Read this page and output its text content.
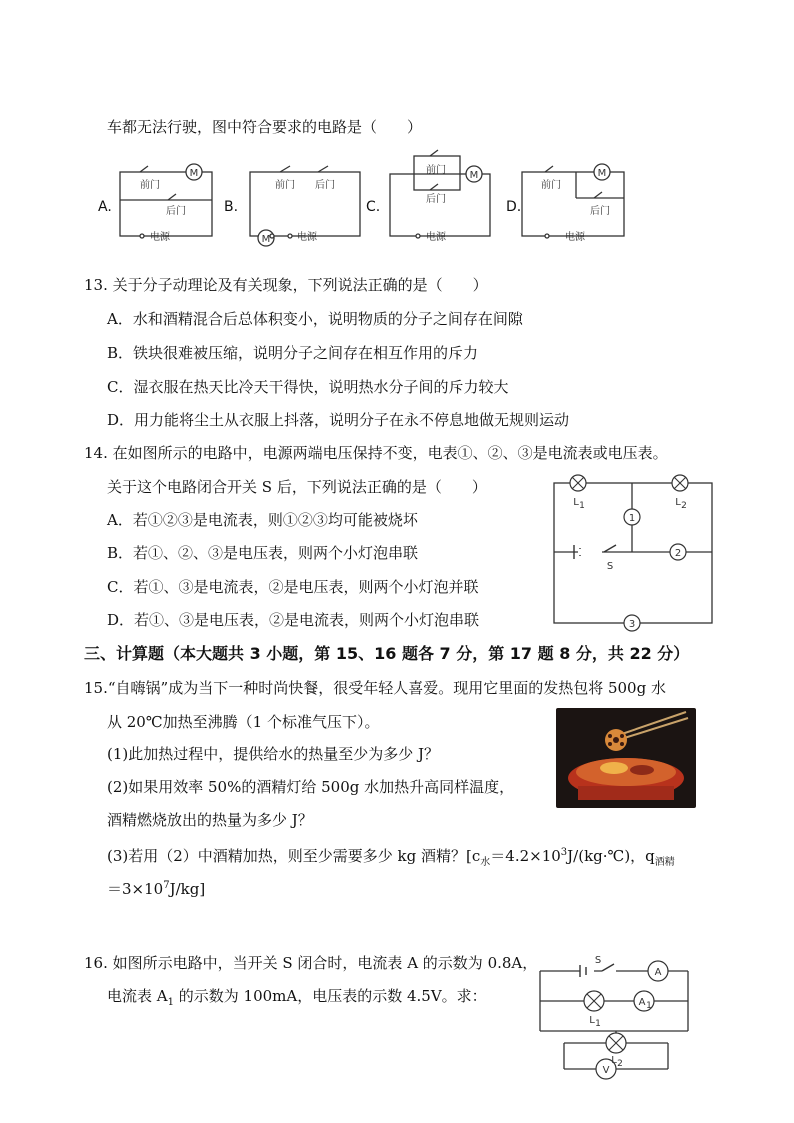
车都无法行驶，图中符合要求的电路是（　　）
M
M
M	M
前门
后门
电源
前门 后门
电源
前门
后门
电源
前门
后门
电源
A.	B.	C.	D.
13. 关于分子动理论及有关现象，下列说法正确的是（　　）
A．水和酒精混合后总体积变小，说明物质的分子之间存在间隙
B．铁块很难被压缩，说明分子之间存在相互作用的斥力
C．湿衣服在热天比冷天干得快，说明热水分子间的斥力较大
D．用力能将尘土从衣服上抖落，说明分子在永不停息地做无规则运动
14. 在如图所示的电路中，电源两端电压保持不变，电表①、②、③是电流表或电压表。
关于这个电路闭合开关 S 后，下列说法正确的是（　　）
A．若①②③是电流表，则①②③均可能被烧坏
B．若①、②、③是电压表，则两个小灯泡串联
C．若①、③是电流表，②是电压表，则两个小灯泡并联
D．若①、③是电压表，②是电流表，则两个小灯泡串联
1
2
3
S
L 1	L 2
三、计算题（本大题共 3 小题，第 15、16 题各 7 分，第 17 题 8 分，共 22 分）
15.“自嗨锅”成为当下一种时尚快餐，很受年轻人喜爱。现用它里面的发热包将 500g 水
从 20℃加热至沸腾（1 个标准气压下）。
(1)此加热过程中，提供给水的热量至少为多少 J？
(2)如果用效率 50%的酒精灯给 500g 水加热升高同样温度，
酒精燃烧放出的热量为多少 J？
(3)若用（2）中酒精加热，则至少需要多少 kg 酒精？[$c_水=4.2\times 10^3J/(kg\cdot℃)$，$q_{酒精}$
$=3\times 10^7J/kg$]
16. 如图所示电路中，当开关 S 闭合时，电流表 A 的示数为 0.8A，
电流表 $A_1$ 的示数为 100mA，电压表的示数 4.5V。求：
S
A
A 1
L 1
L 2
V
